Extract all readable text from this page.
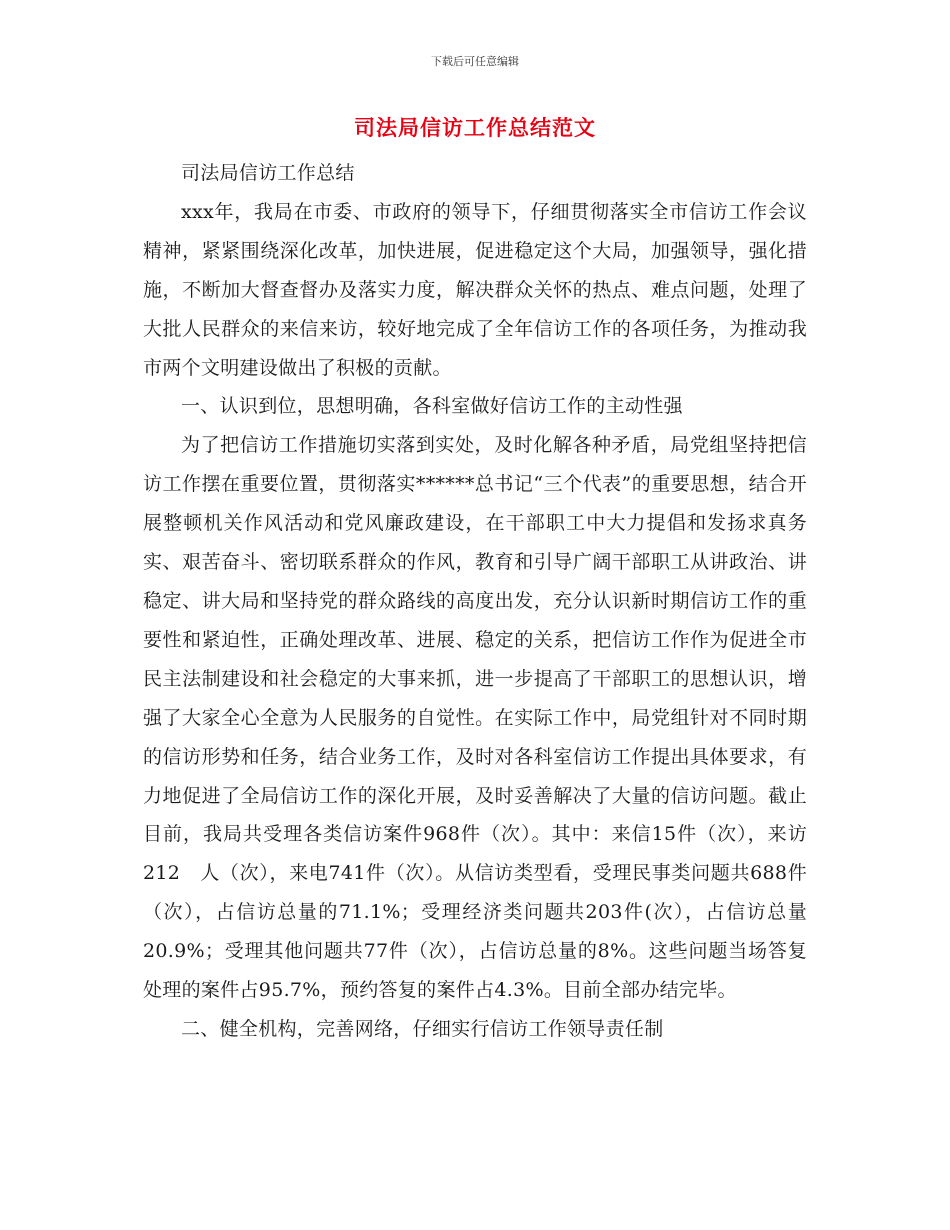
下载后可任意编辑
司法局信访工作总结范文

司法局信访工作总结

xxx年，我局在市委、市政府的领导下，仔细贯彻落实全市信访工作会议精神，紧紧围绕深化改革，加快进展，促进稳定这个大局，加强领导，强化措施，不断加大督查督办及落实力度，解决群众关怀的热点、难点问题，处理了大批人民群众的来信来访，较好地完成了全年信访工作的各项任务，为推动我市两个文明建设做出了积极的贡献。

一、认识到位，思想明确，各科室做好信访工作的主动性强

为了把信访工作措施切实落到实处，及时化解各种矛盾，局党组坚持把信访工作摆在重要位置，贯彻落实******总书记“三个代表”的重要思想，结合开展整顿机关作风活动和党风廉政建设，在干部职工中大力提倡和发扬求真务实、艰苦奋斗、密切联系群众的作风，教育和引导广阔干部职工从讲政治、讲稳定、讲大局和坚持党的群众路线的高度出发，充分认识新时期信访工作的重要性和紧迫性，正确处理改革、进展、稳定的关系，把信访工作作为促进全市民主法制建设和社会稳定的大事来抓，进一步提高了干部职工的思想认识，增强了大家全心全意为人民服务的自觉性。在实际工作中，局党组针对不同时期的信访形势和任务，结合业务工作，及时对各科室信访工作提出具体要求，有力地促进了全局信访工作的深化开展，及时妥善解决了大量的信访问题。截止目前，我局共受理各类信访案件968件（次）。其中：来信15件（次），来访212　人（次），来电741件（次）。从信访类型看，受理民事类问题共688件（次），占信访总量的71.1%；受理经济类问题共203件(次），占信访总量20.9%；受理其他问题共77件（次），占信访总量的8%。这些问题当场答复处理的案件占95.7%，预约答复的案件占4.3%。目前全部办结完毕。

二、健全机构，完善网络，仔细实行信访工作领导责任制
